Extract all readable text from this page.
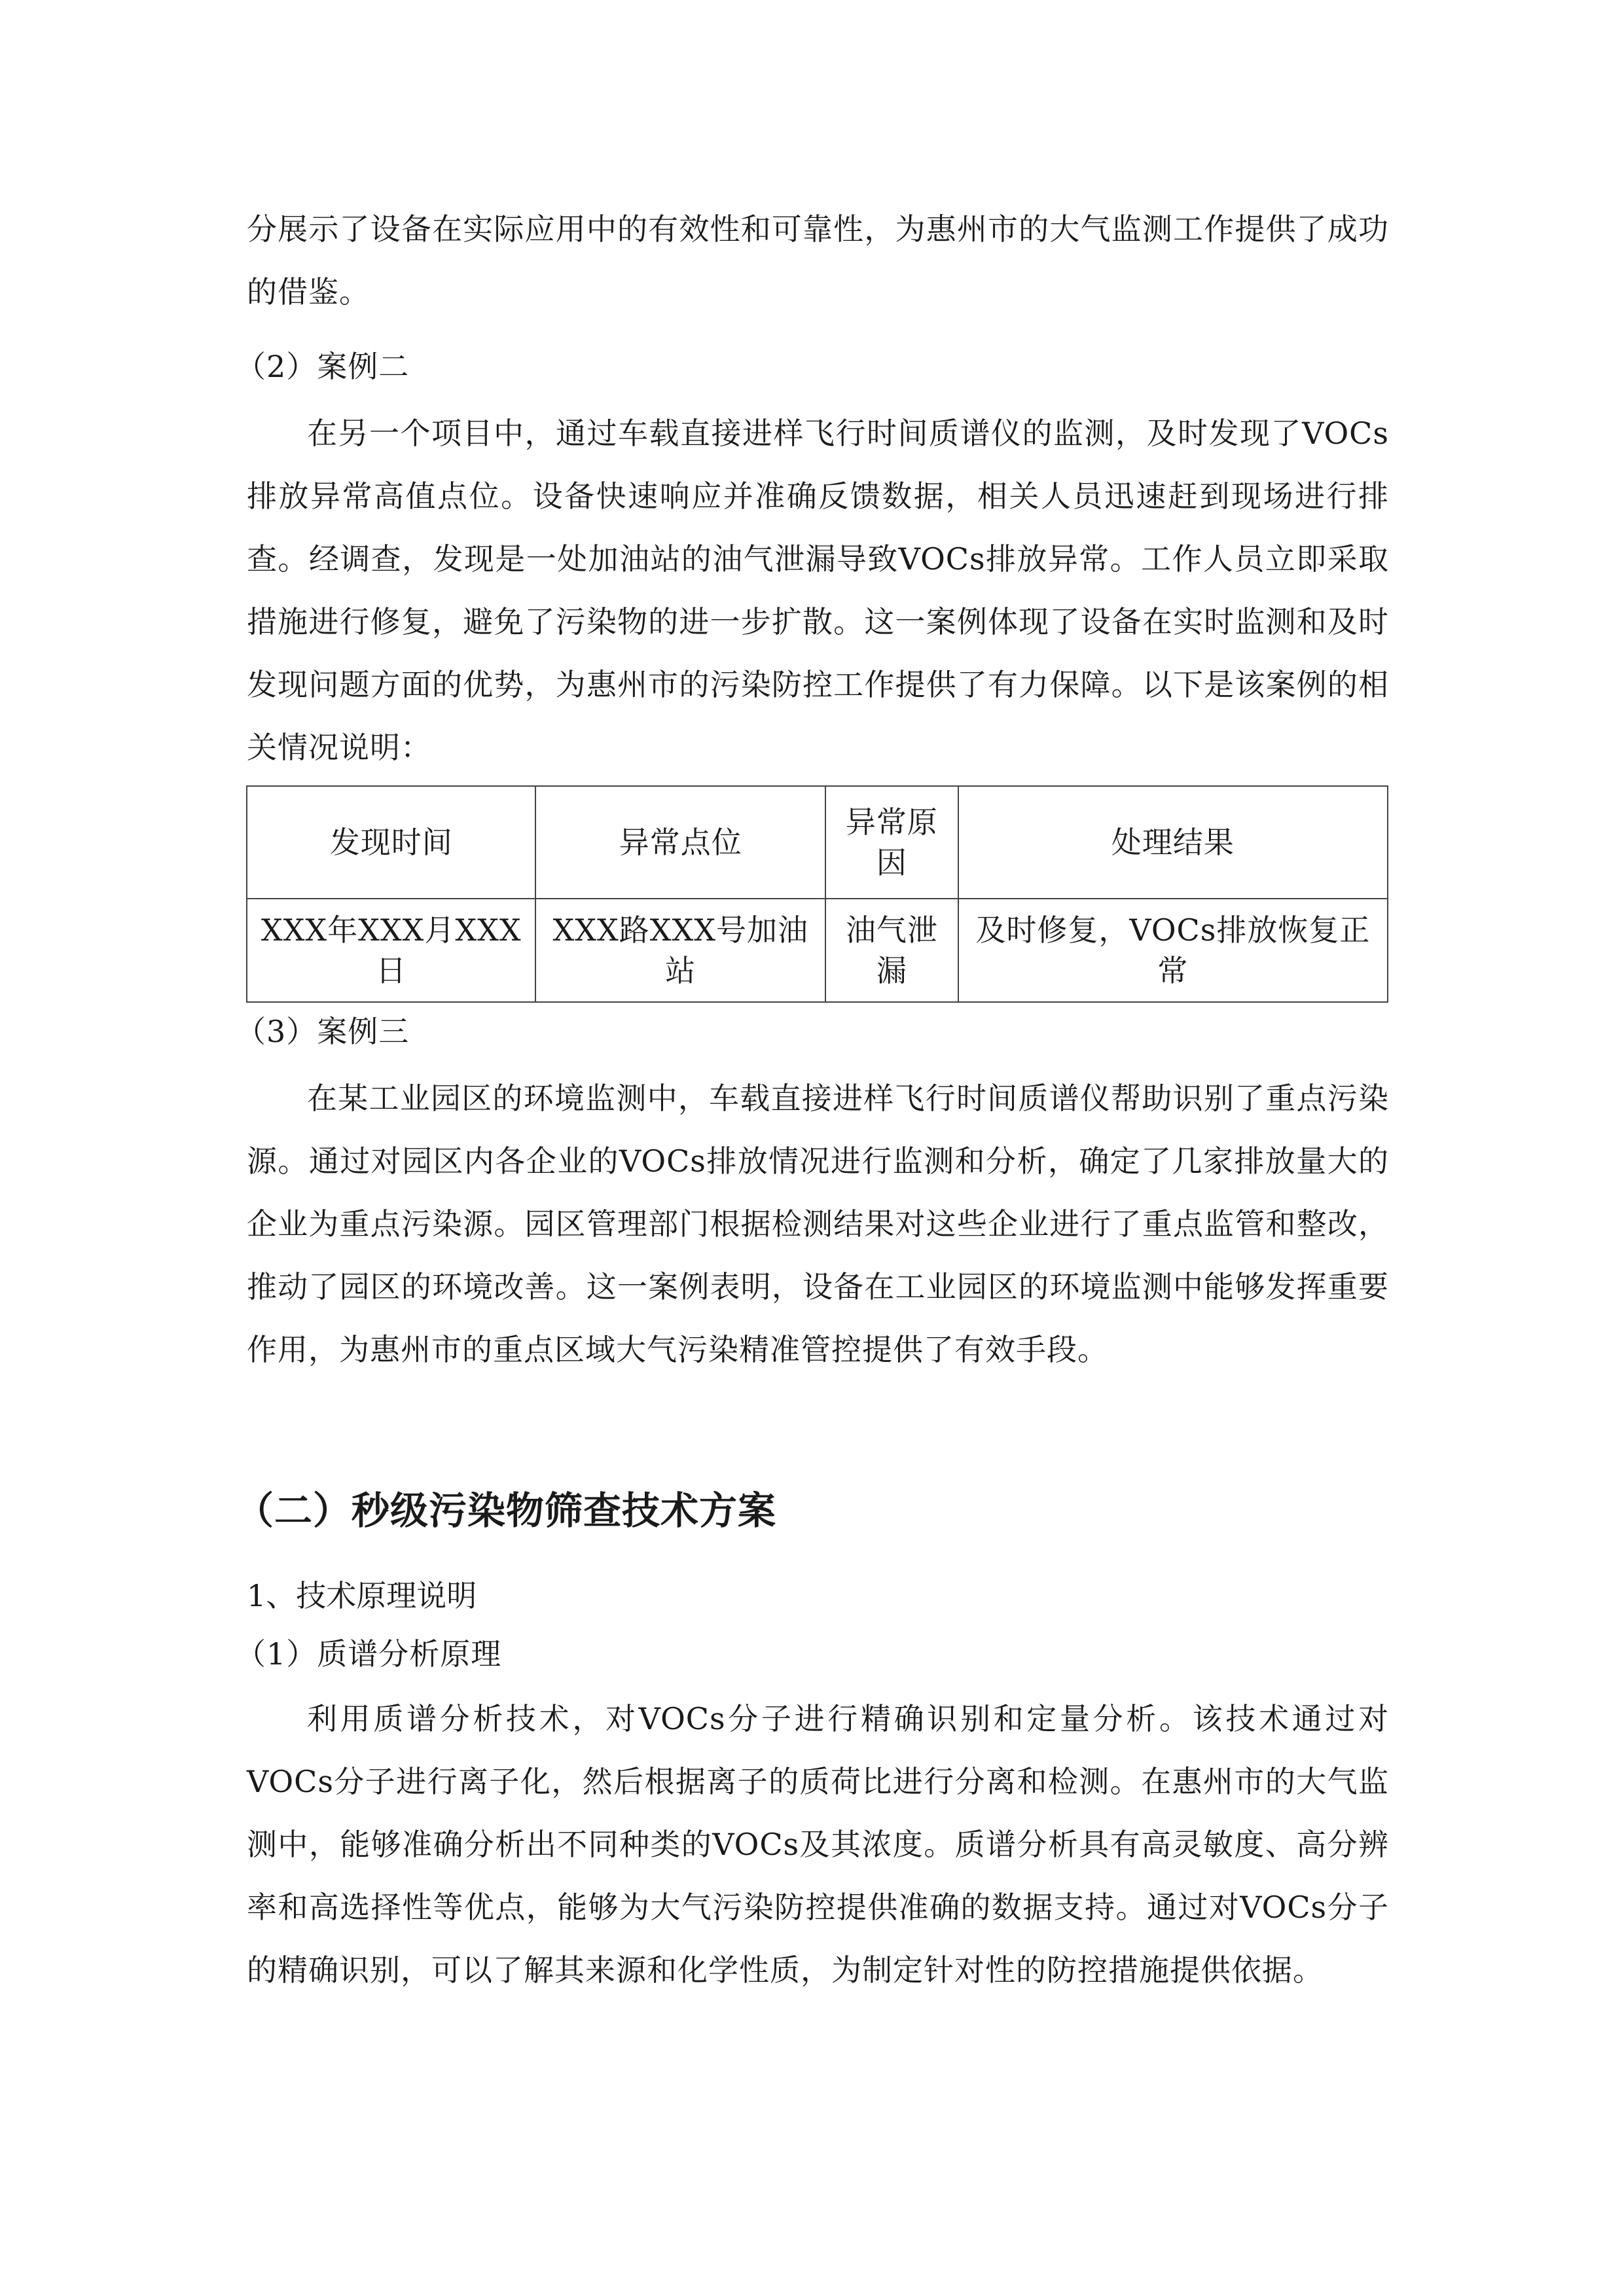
分展示了设备在实际应用中的有效性和可靠性，为惠州市的大气监测工作提供了成功的借鉴。

（2）案例二

在另一个项目中，通过车载直接进样飞行时间质谱仪的监测，及时发现了VOCs排放异常高值点位。设备快速响应并准确反馈数据，相关人员迅速赶到现场进行排查。经调查，发现是一处加油站的油气泄漏导致VOCs排放异常。工作人员立即采取措施进行修复，避免了污染物的进一步扩散。这一案例体现了设备在实时监测和及时发现问题方面的优势，为惠州市的污染防控工作提供了有力保障。以下是该案例的相关情况说明：

发现时间	异常点位	异常原因	处理结果
XXX年XXX月XXX日	XXX路XXX号加油站	油气泄漏	及时修复，VOCs排放恢复正常

（3）案例三

在某工业园区的环境监测中，车载直接进样飞行时间质谱仪帮助识别了重点污染源。通过对园区内各企业的VOCs排放情况进行监测和分析，确定了几家排放量大的企业为重点污染源。园区管理部门根据检测结果对这些企业进行了重点监管和整改，推动了园区的环境改善。这一案例表明，设备在工业园区的环境监测中能够发挥重要作用，为惠州市的重点区域大气污染精准管控提供了有效手段。

（二）秒级污染物筛查技术方案

1、技术原理说明

（1）质谱分析原理

利用质谱分析技术，对VOCs分子进行精确识别和定量分析。该技术通过对VOCs分子进行离子化，然后根据离子的质荷比进行分离和检测。在惠州市的大气监测中，能够准确分析出不同种类的VOCs及其浓度。质谱分析具有高灵敏度、高分辨率和高选择性等优点，能够为大气污染防控提供准确的数据支持。通过对VOCs分子的精确识别，可以了解其来源和化学性质，为制定针对性的防控措施提供依据。
